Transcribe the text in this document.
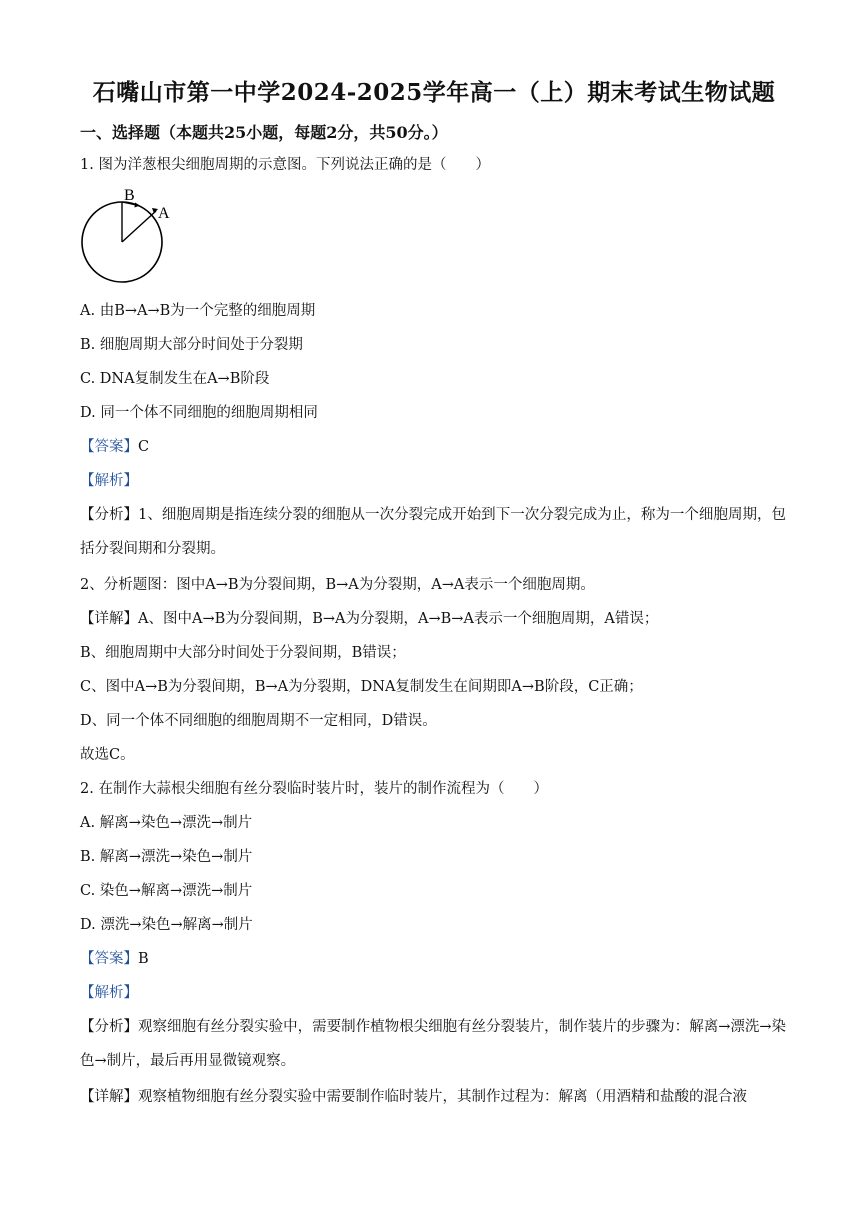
石嘴山市第一中学2024-2025学年高一（上）期末考试生物试题
一、选择题（本题共25小题，每题2分，共50分。）
1. 图为洋葱根尖细胞周期的示意图。下列说法正确的是（　　）
B
A
A. 由B→A→B为一个完整的细胞周期
B. 细胞周期大部分时间处于分裂期
C. DNA复制发生在A→B阶段
D. 同一个体不同细胞的细胞周期相同
【答案】C
【解析】
【分析】1、细胞周期是指连续分裂的细胞从一次分裂完成开始到下一次分裂完成为止，称为一个细胞周期，包括分裂间期和分裂期。
2、分析题图：图中A→B为分裂间期，B→A为分裂期，A→A表示一个细胞周期。
【详解】A、图中A→B为分裂间期，B→A为分裂期，A→B→A表示一个细胞周期，A错误；
B、细胞周期中大部分时间处于分裂间期，B错误；
C、图中A→B为分裂间期，B→A为分裂期，DNA复制发生在间期即A→B阶段，C正确；
D、同一个体不同细胞的细胞周期不一定相同，D错误。
故选C。
2. 在制作大蒜根尖细胞有丝分裂临时装片时，装片的制作流程为（　　）
A. 解离→染色→漂洗→制片
B. 解离→漂洗→染色→制片
C. 染色→解离→漂洗→制片
D. 漂洗→染色→解离→制片
【答案】B
【解析】
【分析】观察细胞有丝分裂实验中，需要制作植物根尖细胞有丝分裂装片，制作装片的步骤为：解离→漂洗→染色→制片，最后再用显微镜观察。
【详解】观察植物细胞有丝分裂实验中需要制作临时装片，其制作过程为：解离（用酒精和盐酸的混合液
